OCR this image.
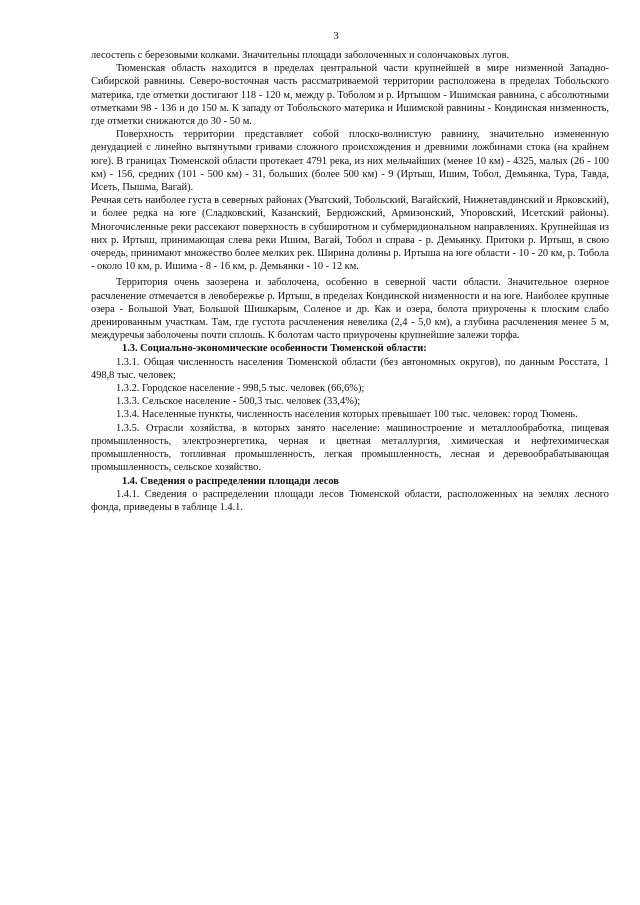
3

лесостепь с березовыми колками. Значительны площади заболоченных и солончаковых лугов.

Тюменская область находится в пределах центральной части крупнейшей в мире низменной Западно-Сибирской равнины. Северо-восточная часть рассматриваемой территории расположена в пределах Тобольского материка, где отметки достигают 118 - 120 м, между р. Тоболом и р. Иртышом - Ишимская равнина, с абсолютными отметками 98 - 136 и до 150 м. К западу от Тобольского материка и Ишимской равнины - Кондинская низменность, где отметки снижаются до 30 - 50 м.

Поверхность территории представляет собой плоско-волнистую равнину, значительно измененную денудацией с линейно вытянутыми гривами сложного происхождения и древними ложбинами стока (на крайнем юге). В границах Тюменской области протекает 4791 река, из них мельчайших (менее 10 км) - 4325, малых (26 - 100 км) - 156, средних (101 - 500 км) - 31, больших (более 500 км) - 9 (Иртыш, Ишим, Тобол, Демьянка, Тура, Тавда, Исеть, Пышма, Вагай).

Речная сеть наиболее густа в северных районах (Уватский, Тобольский, Вагайский, Нижнетавдинский и Ярковский), и более редка на юге (Сладковский, Казанский, Бердюжский, Армизонский, Упоровский, Исетский районы). Многочисленные реки рассекают поверхность в субширотном и субмеридиональном направлениях. Крупнейшая из них р. Иртыш, принимающая слева реки Ишим, Вагай, Тобол и справа - р. Демьянку. Притоки р. Иртыш, в свою очередь, принимают множество более мелких рек. Ширина долины р. Иртыша на юге области - 10 - 20 км, р. Тобола - около 10 км, р. Ишима - 8 - 16 км, р. Демьянки - 10 - 12 км.

Территория очень заозерена и заболочена, особенно в северной части области. Значительное озерное расчленение отмечается в левобережье р. Иртыш, в пределах Кондинской низменности и на юге. Наиболее крупные озера - Большой Уват, Большой Шишкарым, Соленое и др. Как и озера, болота приурочены к плоским слабо дренированным участкам. Там, где густота расчленения невелика (2,4 - 5,0 км), а глубина расчленения менее 5 м, междуречья заболочены почти сплошь. К болотам часто приурочены крупнейшие залежи торфа.

1.3. Социально-экономические особенности Тюменской области:

1.3.1. Общая численность населения Тюменской области (без автономных округов), по данным Росстата, 1 498,8 тыс. человек;

1.3.2. Городское население - 998,5 тыс. человек (66,6%);

1.3.3. Сельское население - 500,3 тыс. человек (33,4%);

1.3.4. Населенные пункты, численность населения которых превышает 100 тыс. человек: город Тюмень.

1.3.5. Отрасли хозяйства, в которых занято население: машиностроение и металлообработка, пищевая промышленность, электроэнергетика, черная и цветная металлургия, химическая и нефтехимическая промышленность, топливная промышленность, легкая промышленность, лесная и деревообрабатывающая промышленность, сельское хозяйство.

1.4. Сведения о распределении площади лесов

1.4.1. Сведения о распределении площади лесов Тюменской области, расположенных на землях лесного фонда, приведены в таблице 1.4.1.
